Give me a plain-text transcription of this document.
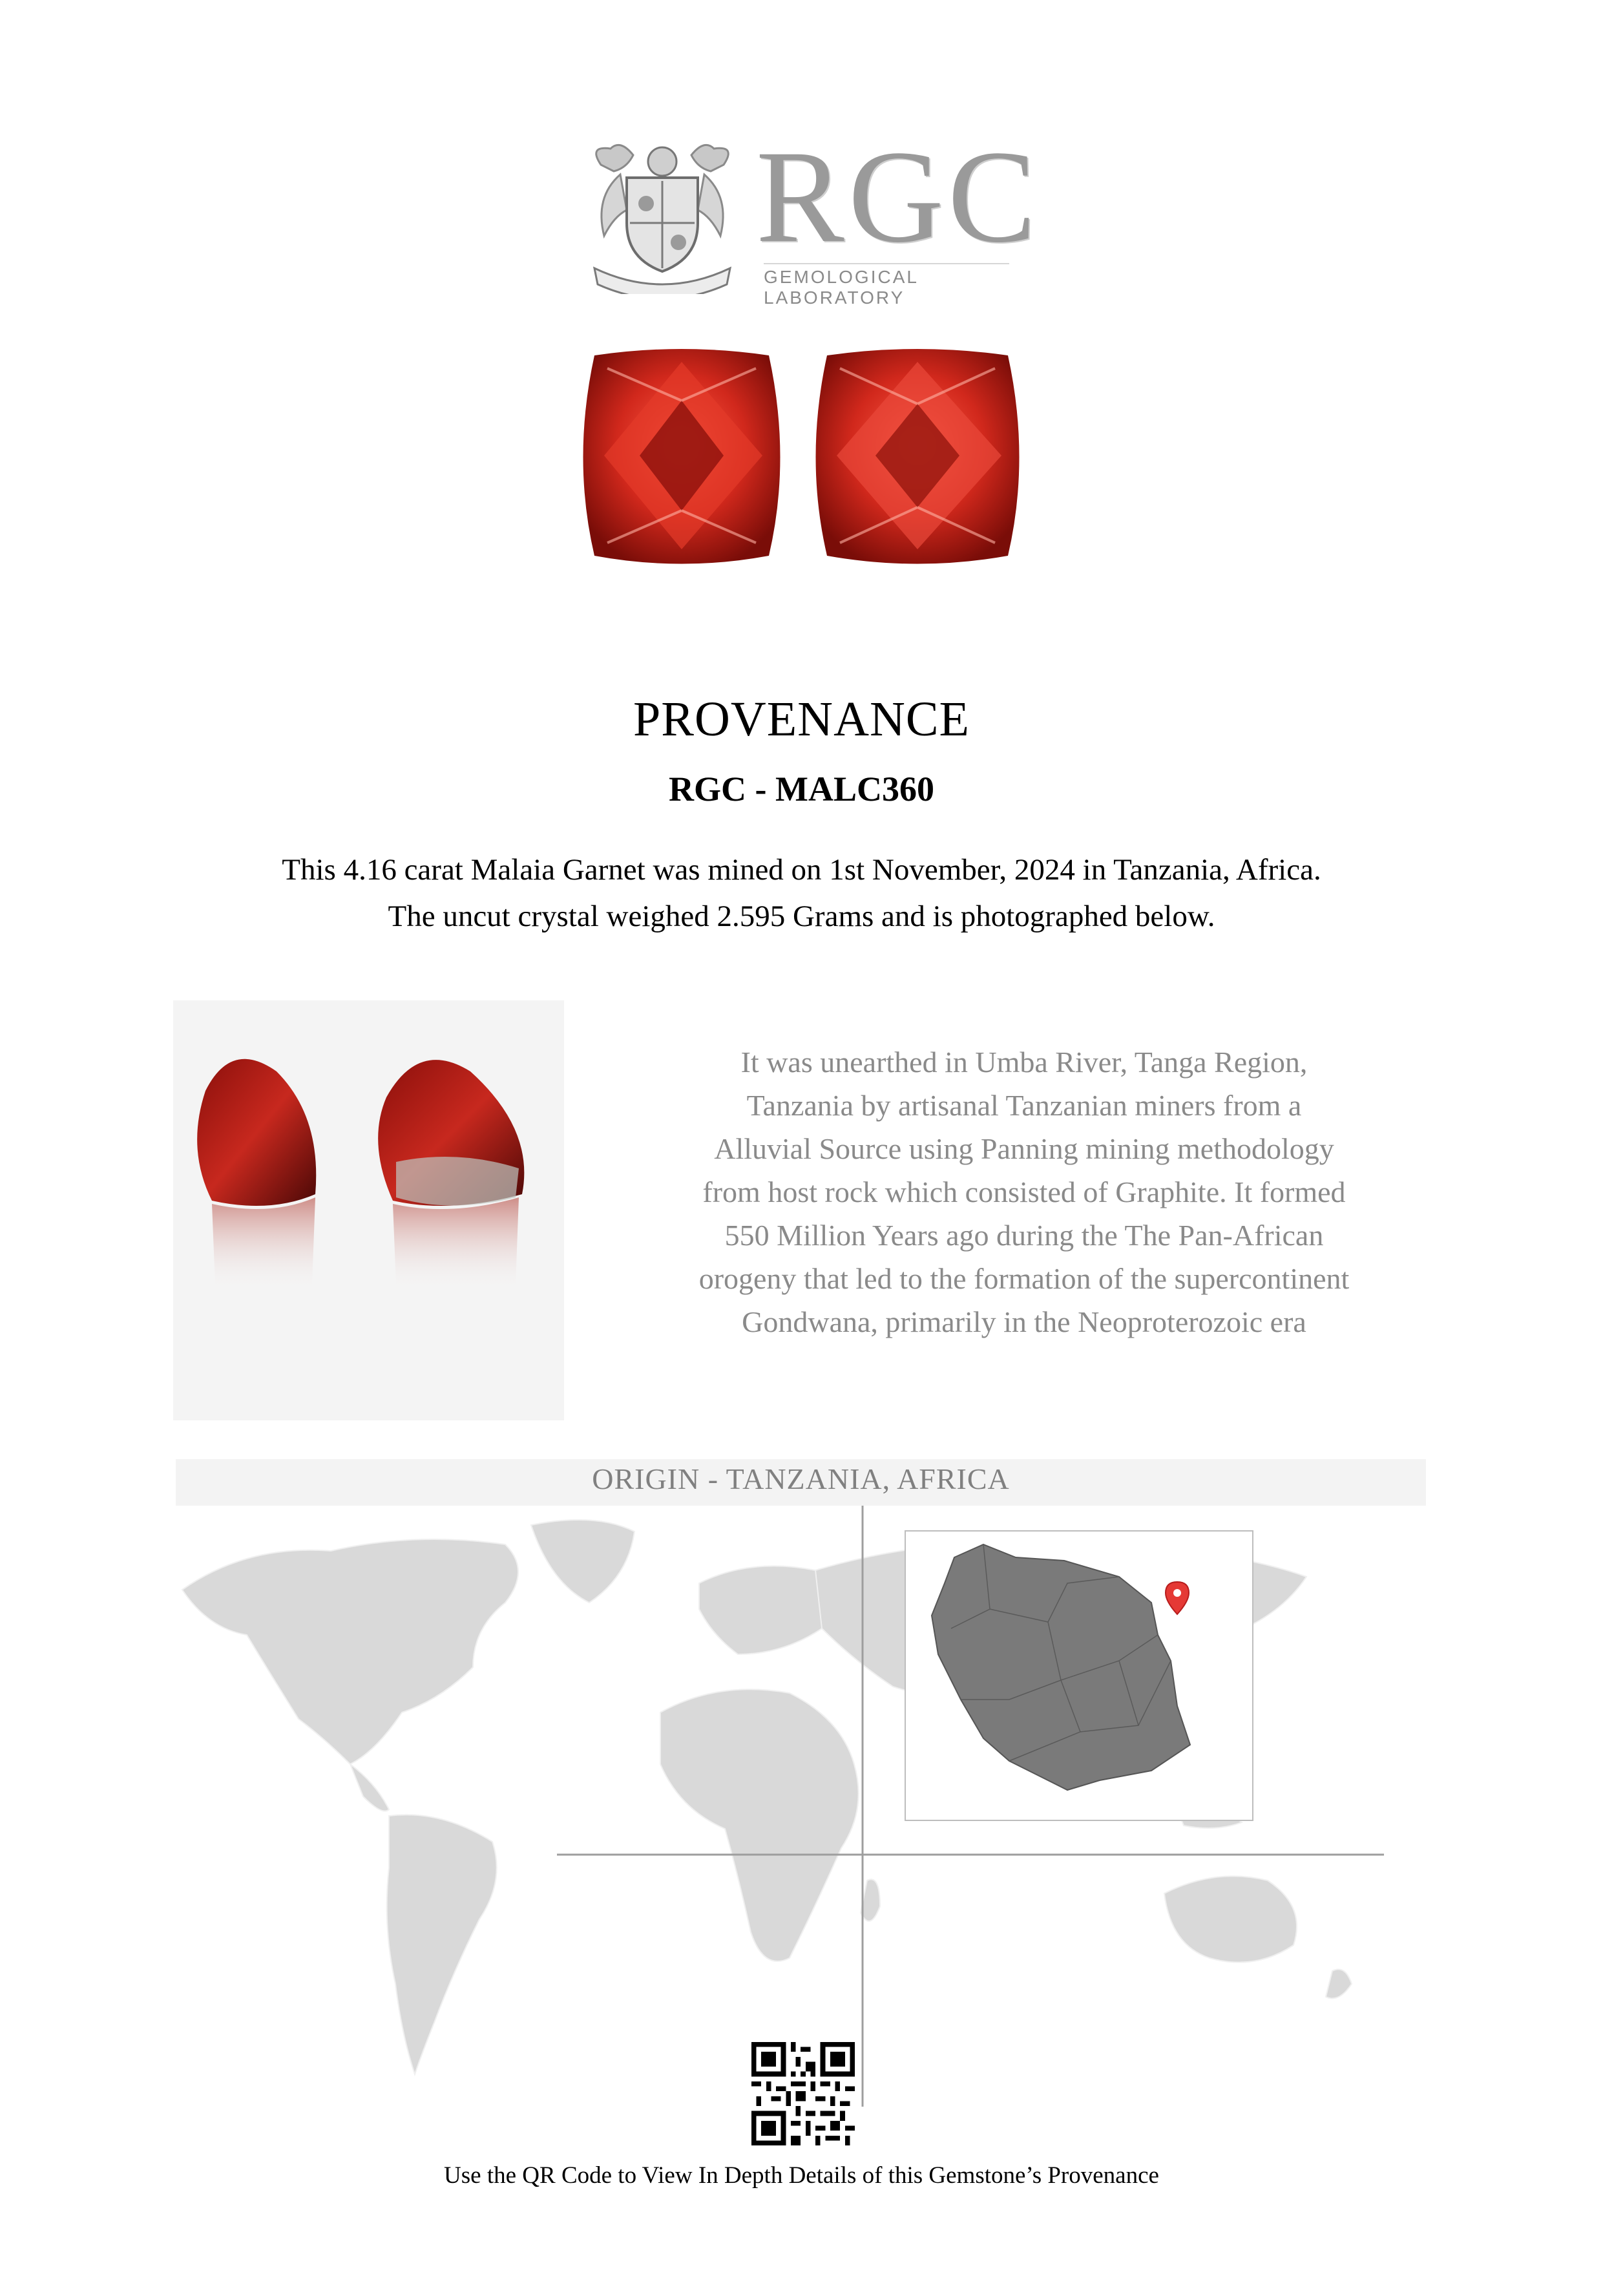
RGC
GEMOLOGICAL LABORATORY
PROVENANCE
RGC - MALC360
This 4.16 carat Malaia Garnet was mined on 1st November, 2024 in Tanzania, Africa.
The uncut crystal weighed 2.595 Grams and is photographed below.
It was unearthed in Umba River, Tanga Region,
Tanzania by artisanal Tanzanian miners from a
Alluvial Source using Panning mining methodology
from host rock which consisted of Graphite. It formed
550 Million Years ago during the The Pan-African
orogeny that led to the formation of the supercontinent
Gondwana, primarily in the Neoproterozoic era
ORIGIN - TANZANIA, AFRICA
Use the QR Code to View In Depth Details of this Gemstone’s Provenance
